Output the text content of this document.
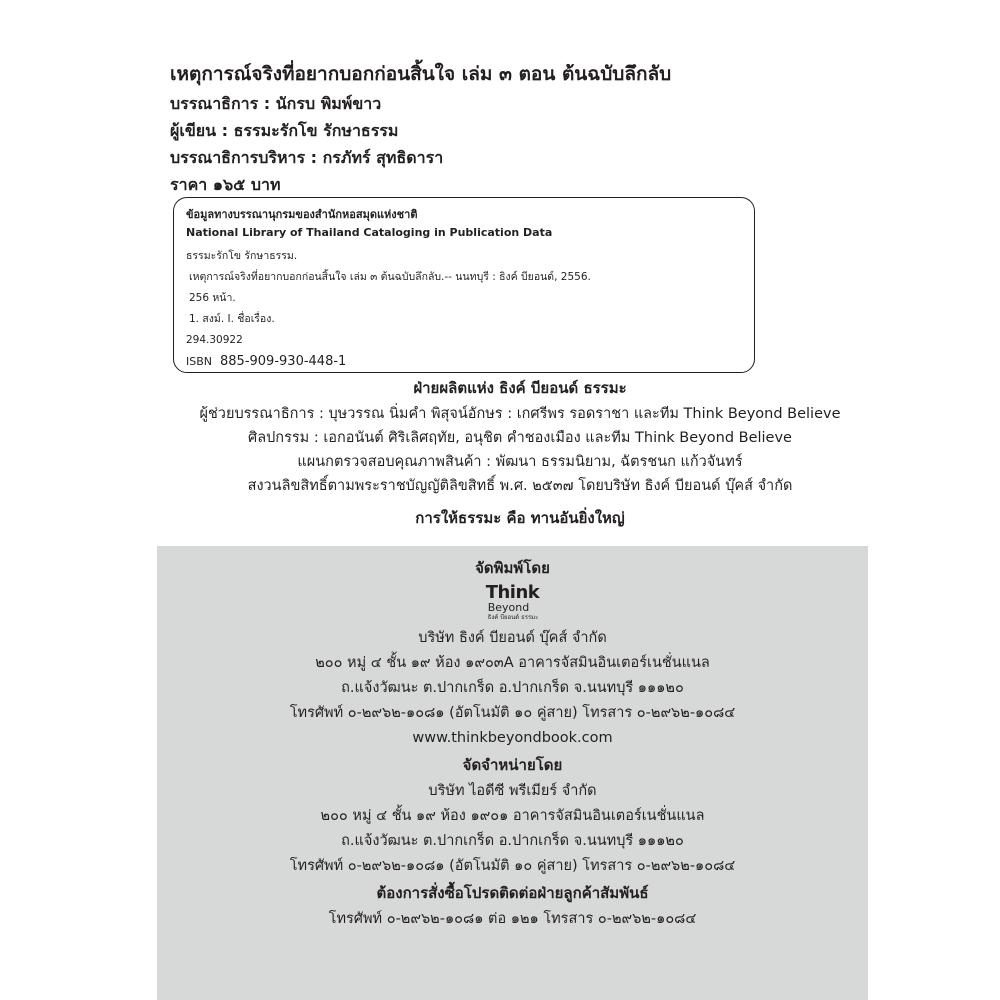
เหตุการณ์จริงที่อยากบอกก่อนสิ้นใจ เล่ม ๓ ตอน ต้นฉบับลึกลับ
บรรณาธิการ : นักรบ พิมพ์ขาว
ผู้เขียน : ธรรมะรักโข รักษาธรรม
บรรณาธิการบริหาร : กรภัทร์ สุทธิดารา
ราคา ๑๖๕ บาท
ข้อมูลทางบรรณานุกรมของสำนักหอสมุดแห่งชาติ
National Library of Thailand Cataloging in Publication Data
ธรรมะรักโข รักษาธรรม.
เหตุการณ์จริงที่อยากบอกก่อนสิ้นใจ เล่ม ๓ ต้นฉบับลึกลับ.-- นนทบุรี : ธิงค์ บียอนด์, 2556.
256 หน้า.
1. สงม์. I. ชื่อเรื่อง.
294.30922
ISBN 885-909-930-448-1
ฝ่ายผลิตแห่ง ธิงค์ บียอนด์ ธรรมะ
ผู้ช่วยบรรณาธิการ : บุษวรรณ นิ่มคำ พิสุจน์อักษร : เกศรีพร รอดราชา และทีม Think Beyond Believe
ศิลปกรรม : เอกอนันต์ ศิริเลิศฤทัย, อนุชิต คำชองเมือง และทีม Think Beyond Believe
แผนกตรวจสอบคุณภาพสินค้า : พัฒนา ธรรมนิยาม, ฉัตรชนก แก้วจันทร์
สงวนลิขสิทธิ์ตามพระราชบัญญัติลิขสิทธิ์ พ.ศ. ๒๕๓๗ โดยบริษัท ธิงค์ บียอนด์ บุ๊คส์ จำกัด
การให้ธรรมะ คือ ทานอันยิ่งใหญ่
จัดพิมพ์โดย
Think
Beyond
ธิงค์ บียอนด์ ธรรมะ
บริษัท ธิงค์ บียอนด์ บุ๊คส์ จำกัด
๒๐๐ หมู่ ๔ ชั้น ๑๙ ห้อง ๑๙๐๓A อาคารจัสมินอินเตอร์เนชั่นแนล
ถ.แจ้งวัฒนะ ต.ปากเกร็ด อ.ปากเกร็ด จ.นนทบุรี ๑๑๑๒๐
โทรศัพท์ ๐-๒๙๖๒-๑๐๘๑ (อัตโนมัติ ๑๐ คู่สาย) โทรสาร ๐-๒๙๖๒-๑๐๘๔
www.thinkbeyondbook.com
จัดจำหน่ายโดย
บริษัท ไอดีซี พรีเมียร์ จำกัด
๒๐๐ หมู่ ๔ ชั้น ๑๙ ห้อง ๑๙๐๑ อาคารจัสมินอินเตอร์เนชั่นแนล
ถ.แจ้งวัฒนะ ต.ปากเกร็ด อ.ปากเกร็ด จ.นนทบุรี ๑๑๑๒๐
โทรศัพท์ ๐-๒๙๖๒-๑๐๘๑ (อัตโนมัติ ๑๐ คู่สาย) โทรสาร ๐-๒๙๖๒-๑๐๘๔
ต้องการสั่งซื้อโปรดติดต่อฝ่ายลูกค้าสัมพันธ์
โทรศัพท์ ๐-๒๙๖๒-๑๐๘๑ ต่อ ๑๒๑ โทรสาร ๐-๒๙๖๒-๑๐๘๔
